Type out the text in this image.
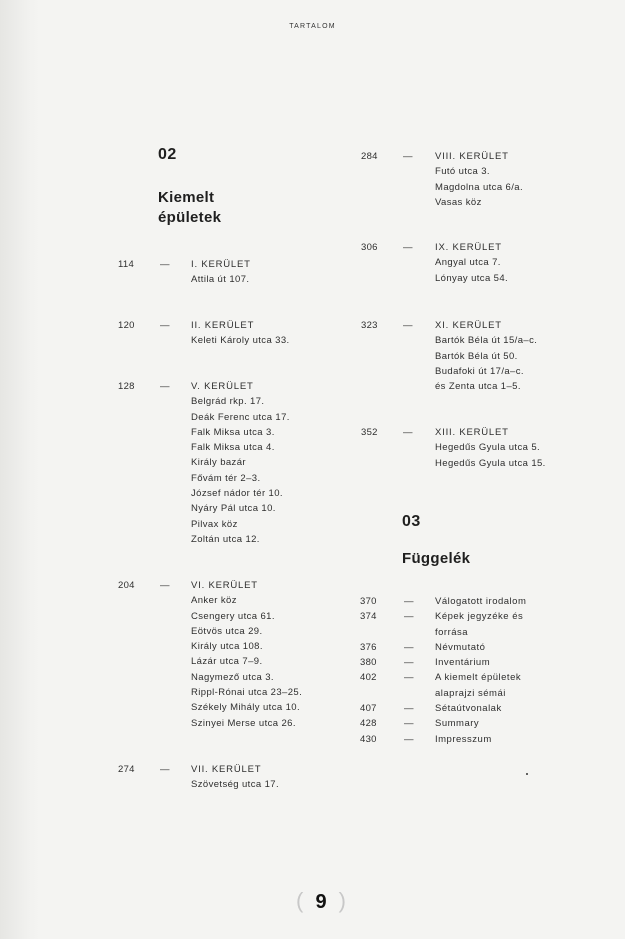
TARTALOM
02
Kiemelt
épületek
114	— I. KERÜLET
Attila út 107.
120	— II. KERÜLET
Keleti Károly utca 33.
128	— V. KERÜLET
Belgrád rkp. 17.
Deák Ferenc utca 17.
Falk Miksa utca 3.
Falk Miksa utca 4.
Király bazár
Fővám tér 2–3.
József nádor tér 10.
Nyáry Pál utca 10.
Pilvax köz
Zoltán utca 12.
204	— VI. KERÜLET
Anker köz
Csengery utca 61.
Eötvös utca 29.
Király utca 108.
Lázár utca 7–9.
Nagymező utca 3.
Rippl-Rónai utca 23–25.
Székely Mihály utca 10.
Szinyei Merse utca 26.
274	— VII. KERÜLET
Szövetség utca 17.
284	— VIII. KERÜLET
Futó utca 3.
Magdolna utca 6/a.
Vasas köz
306	— IX. KERÜLET
Angyal utca 7.
Lónyay utca 54.
323	— XI. KERÜLET
Bartók Béla út 15/a–c.
Bartók Béla út 50.
Budafoki út 17/a–c.
és Zenta utca 1–5.
352	— XIII. KERÜLET
Hegedűs Gyula utca 5.
Hegedűs Gyula utca 15.
03
Függelék
370	— Válogatott irodalom
374	— Képek jegyzéke és
forrása
376	— Névmutató
380	— Inventárium
402	— A kiemelt épületek
alaprajzi sémái
407	— Sétaútvonalak
428	— Summary
430	— Impresszum
( 9 )
